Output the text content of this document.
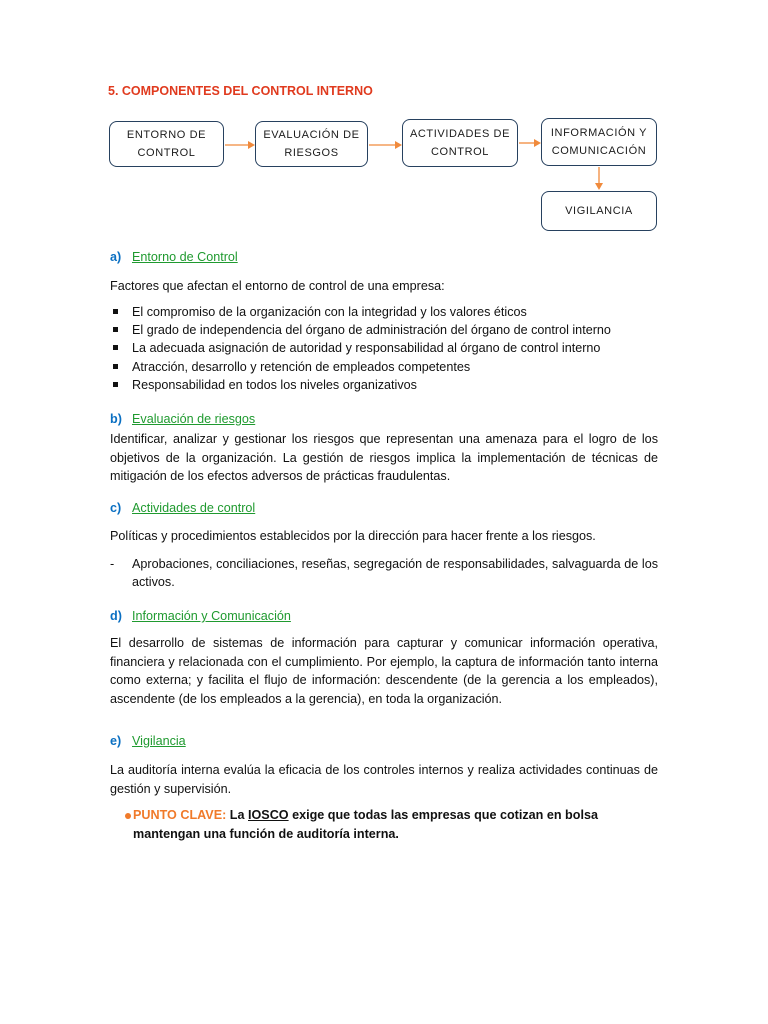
5. COMPONENTES DEL CONTROL INTERNO
ENTORNO DE
CONTROL
EVALUACIÓN DE
RIESGOS
ACTIVIDADES DE
CONTROL
INFORMACIÓN Y
COMUNICACIÓN
VIGILANCIA
a) Entorno de Control
Factores que afectan el entorno de control de una empresa:
El compromiso de la organización con la integridad y los valores éticos
El grado de independencia del órgano de administración del órgano de control interno
La adecuada asignación de autoridad y responsabilidad al órgano de control interno
Atracción, desarrollo y retención de empleados competentes
Responsabilidad en todos los niveles organizativos
b) Evaluación de riesgos
Identificar, analizar y gestionar los riesgos que representan una amenaza para el logro de los objetivos de la organización. La gestión de riesgos implica la implementación de técnicas de mitigación de los efectos adversos de prácticas fraudulentas.
c) Actividades de control
Políticas y procedimientos establecidos por la dirección para hacer frente a los riesgos.
- Aprobaciones, conciliaciones, reseñas, segregación de responsabilidades, salvaguarda de los activos.
d) Información y Comunicación
El desarrollo de sistemas de información para capturar y comunicar información operativa, financiera y relacionada con el cumplimiento. Por ejemplo, la captura de información tanto interna como externa; y facilita el flujo de información: descendente (de la gerencia a los empleados), ascendente (de los empleados a la gerencia), en toda la organización.
e) Vigilancia
La auditoría interna evalúa la eficacia de los controles internos y realiza actividades continuas de gestión y supervisión.
PUNTO CLAVE: La IOSCO exige que todas las empresas que cotizan en bolsa mantengan una función de auditoría interna.
